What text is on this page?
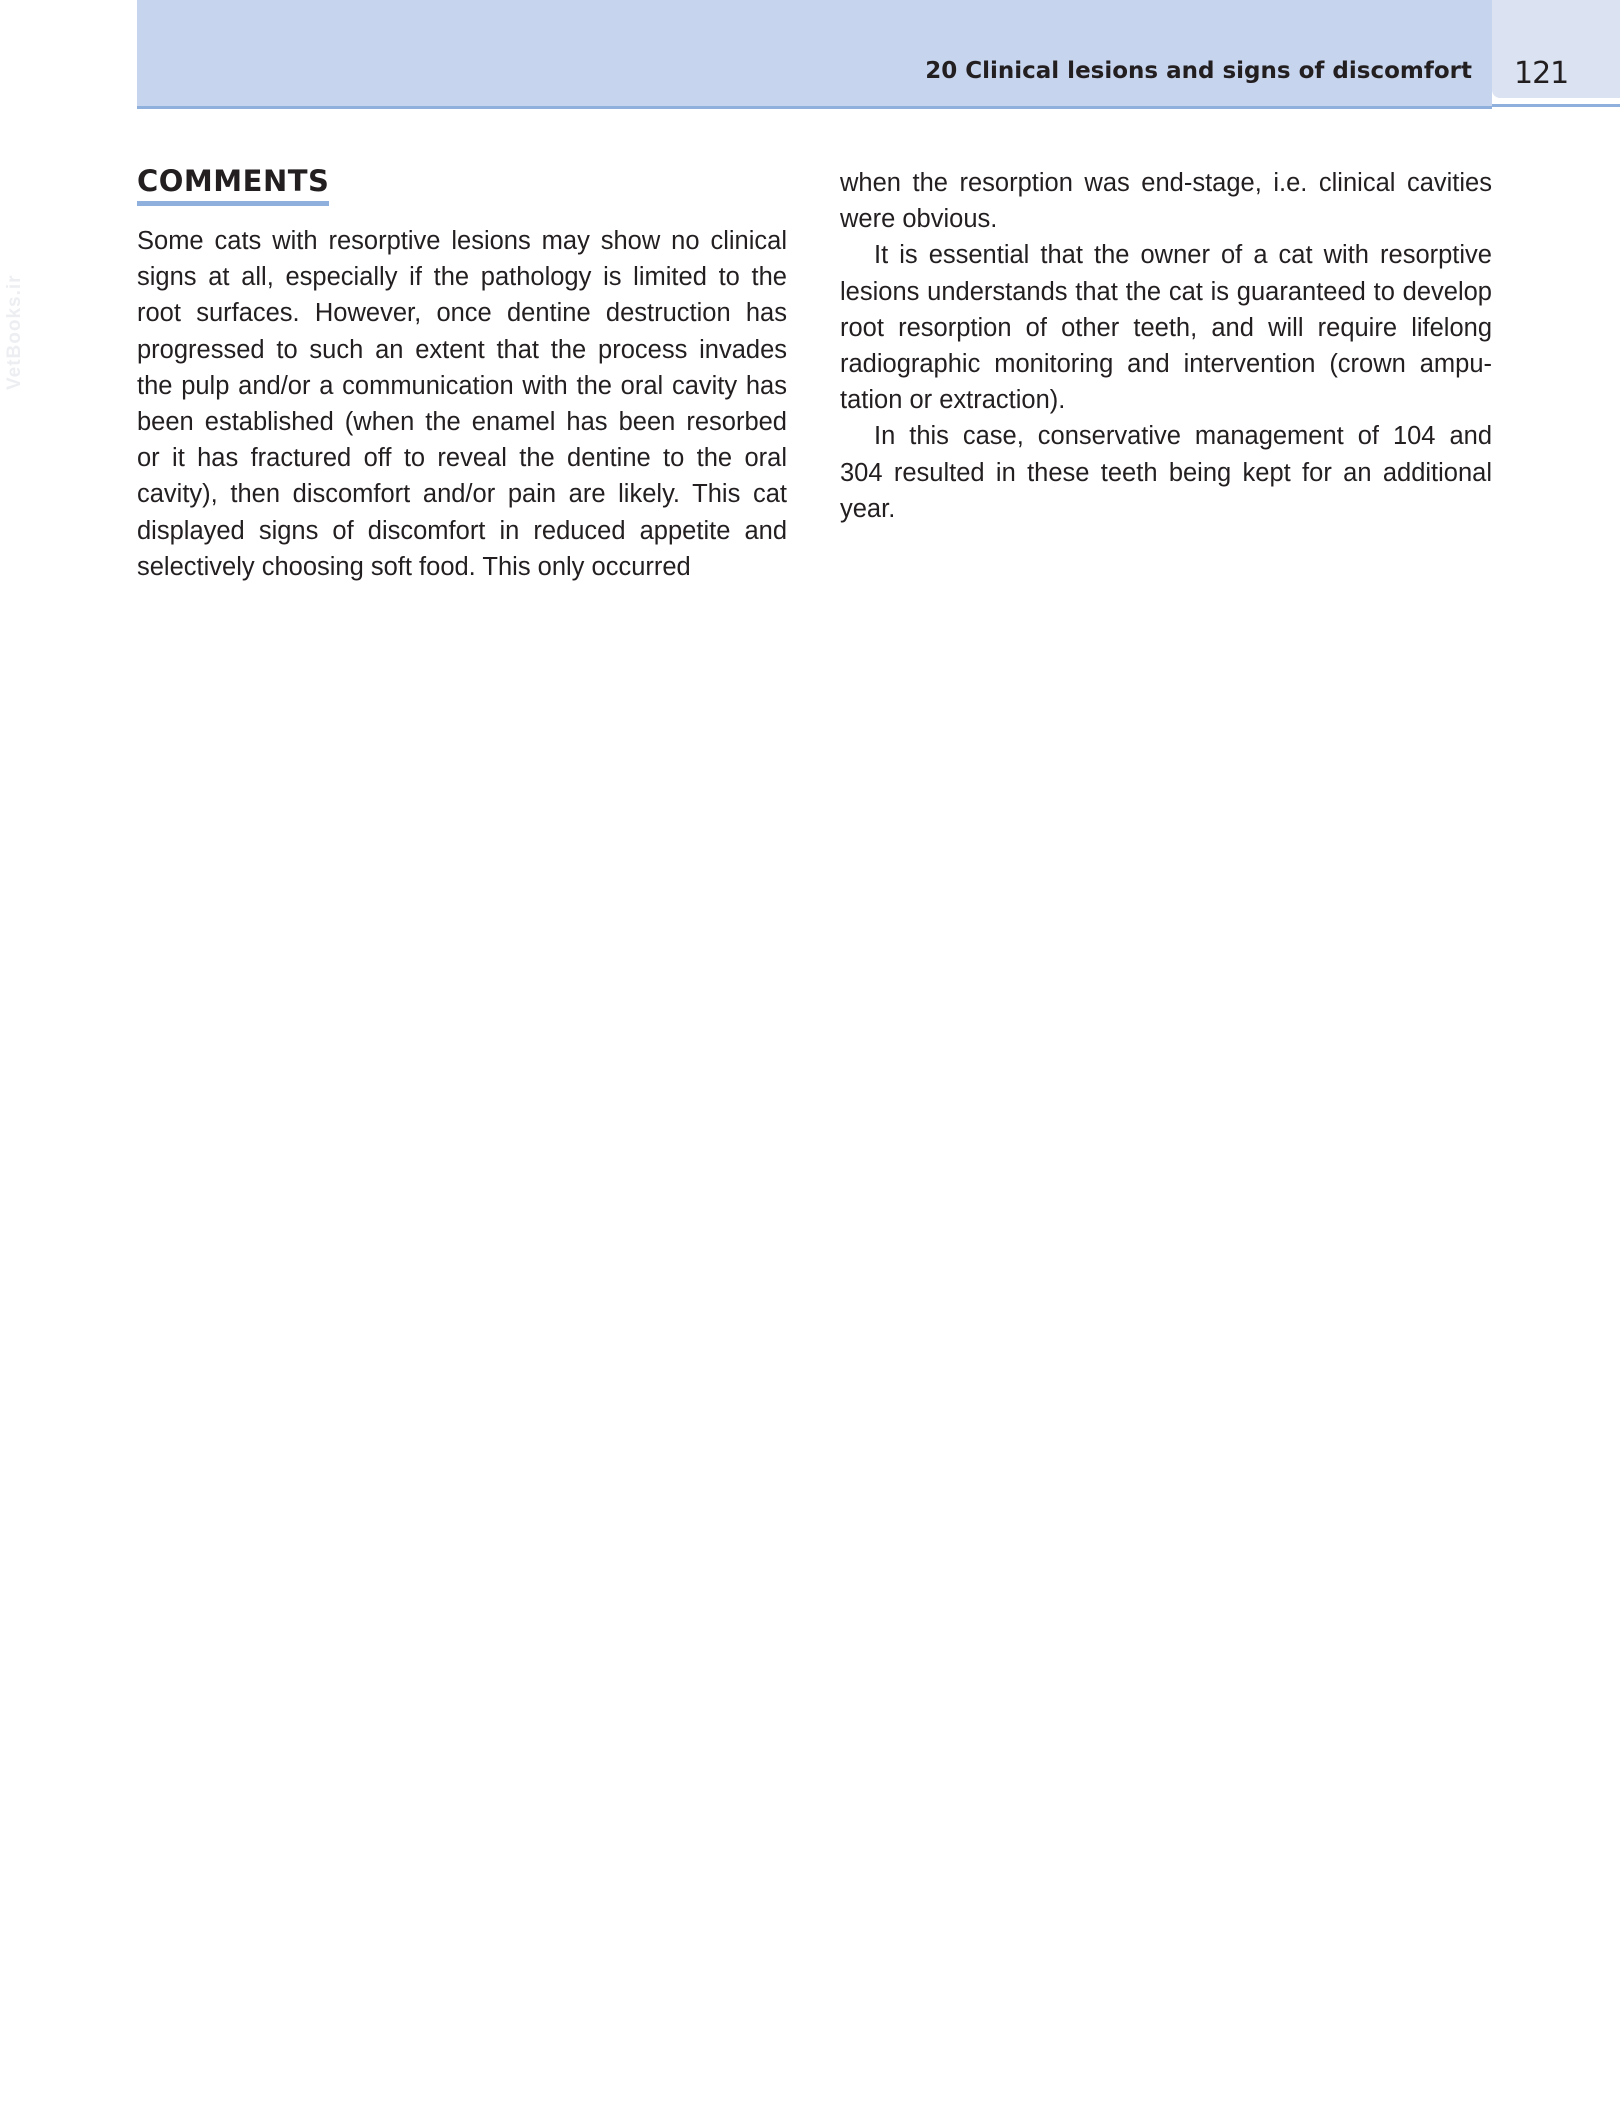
20 Clinical lesions and signs of discomfort 121
VetBooks.ir
COMMENTS

Some cats with resorptive lesions may show no clinical signs at all, especially if the pathology is limited to the root surfaces. However, once dentine destruction has progressed to such an extent that the process invades the pulp and/or a communication with the oral cavity has been established (when the enamel has been resorbed or it has fractured off to reveal the dentine to the oral cavity), then discomfort and/or pain are likely. This cat displayed signs of discomfort in reduced appetite and selectively choosing soft food. This only occurred

when the resorption was end-stage, i.e. clinical cavities were obvious.

It is essential that the owner of a cat with resorptive lesions understands that the cat is guaranteed to develop root resorption of other teeth, and will require lifelong radiographic monitoring and intervention (crown amputation or extraction).

In this case, conservative management of 104 and 304 resulted in these teeth being kept for an additional year.
